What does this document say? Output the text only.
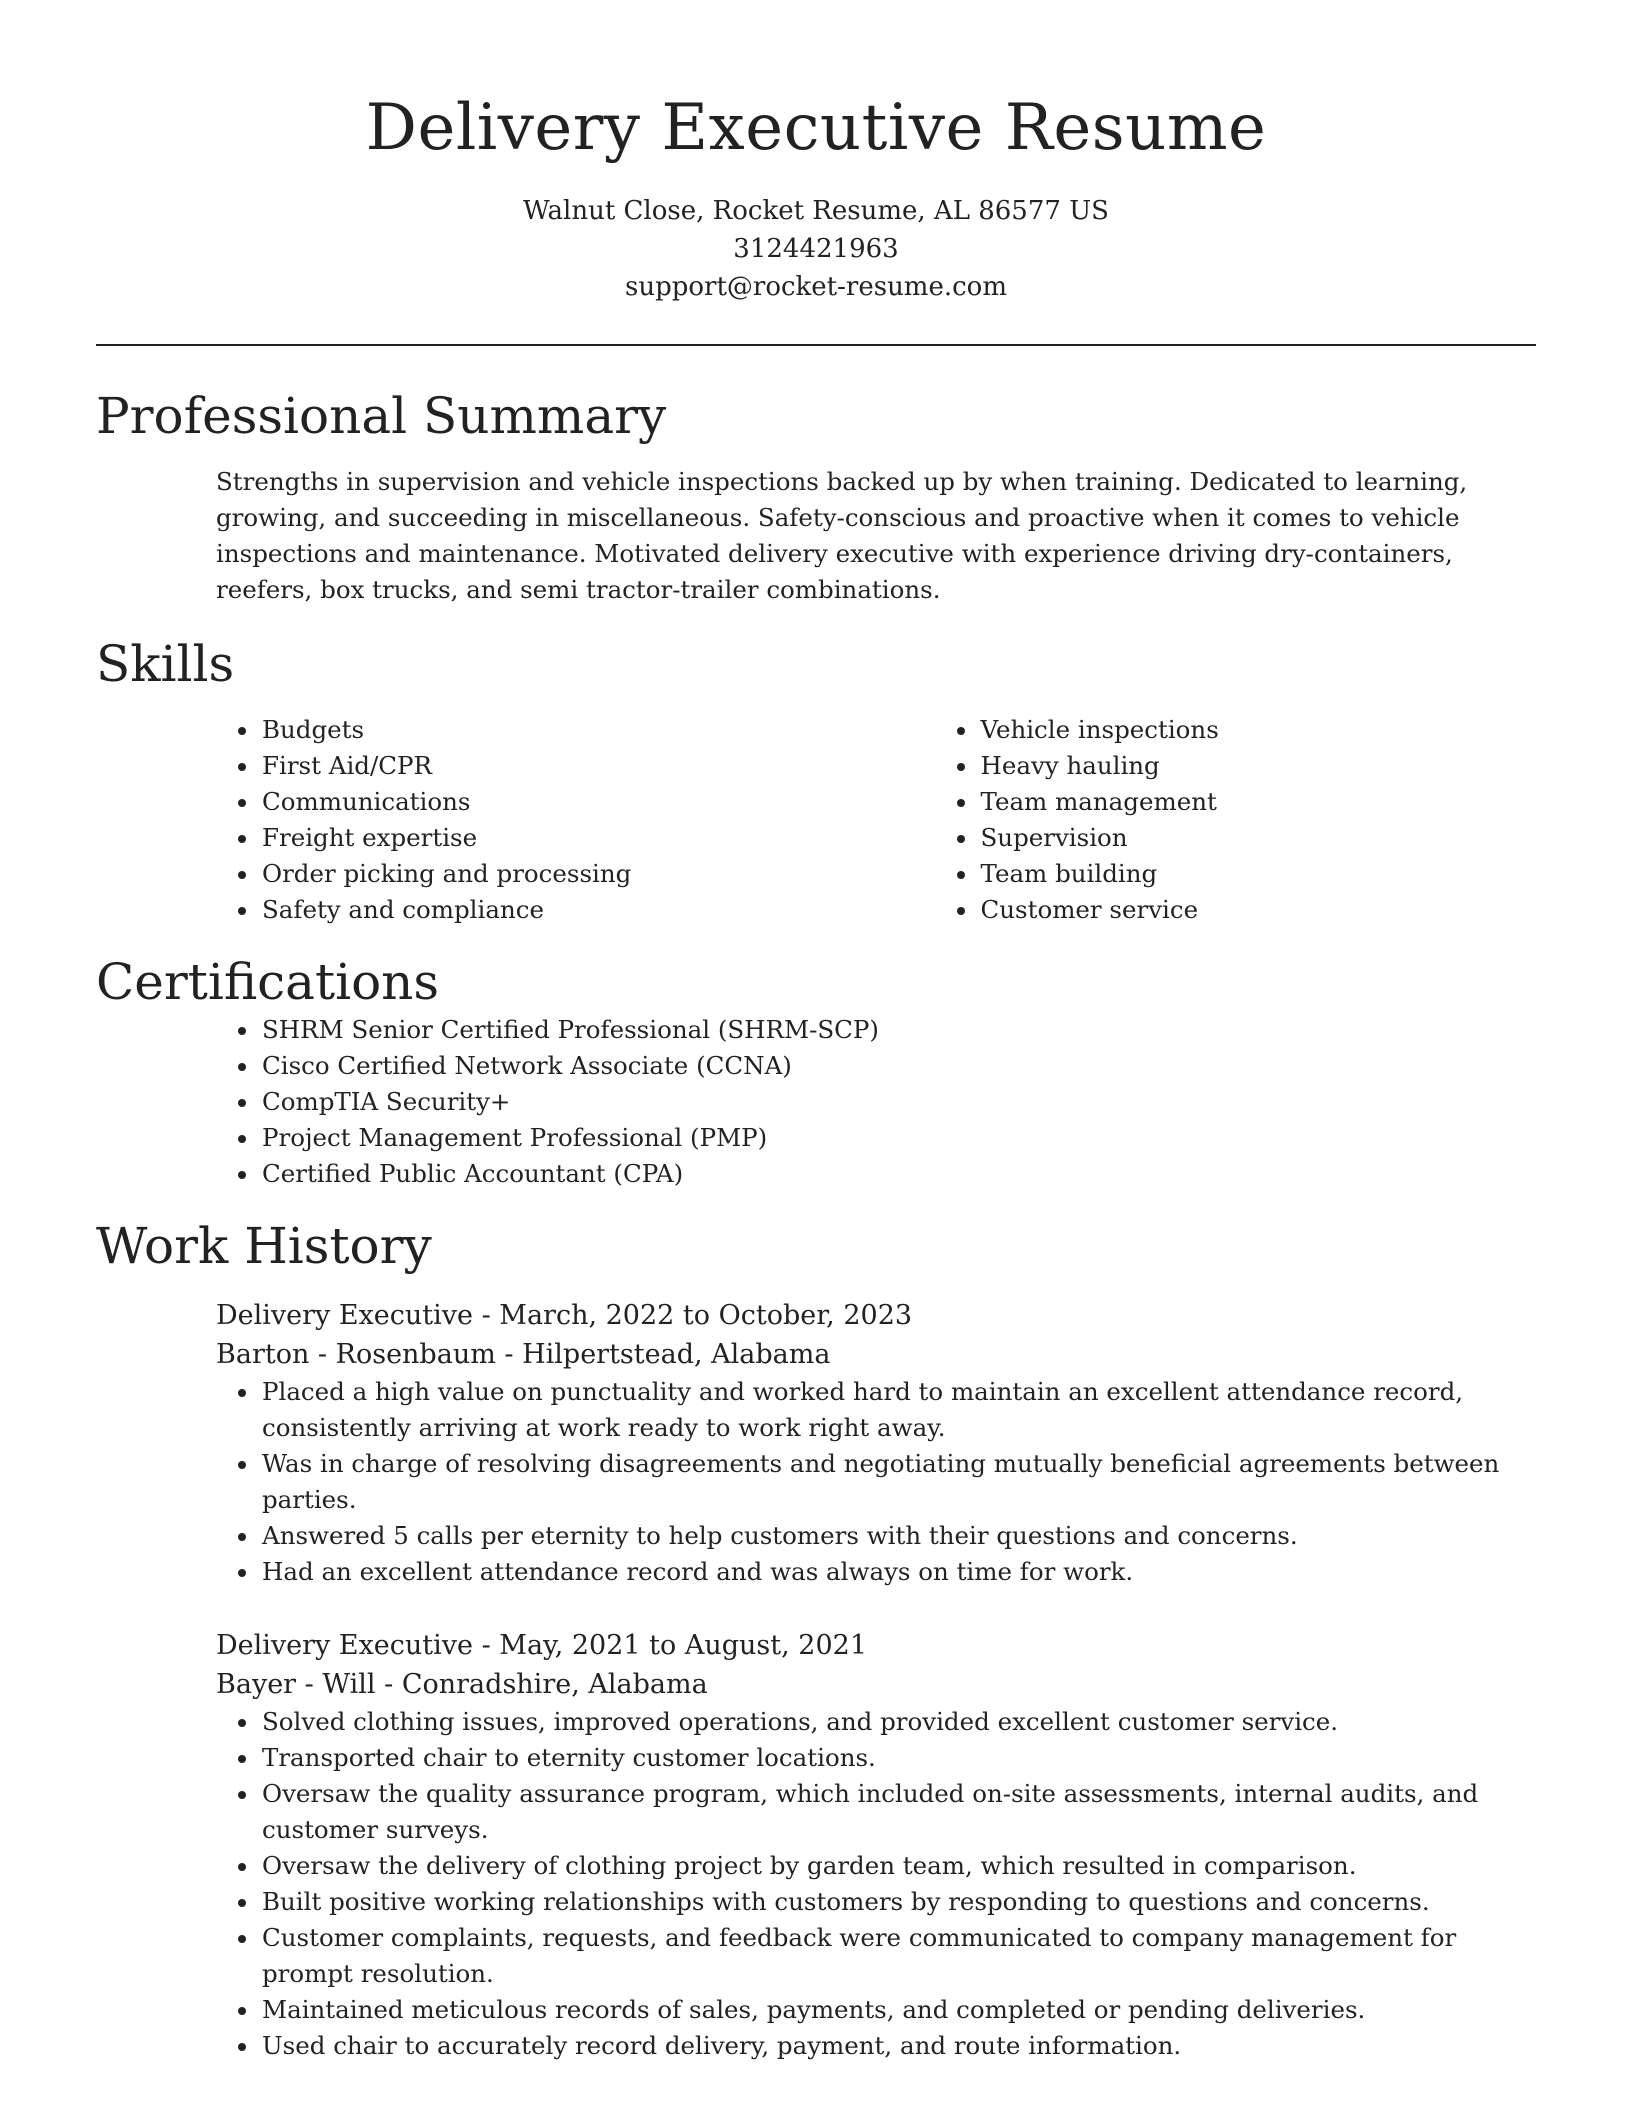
Delivery Executive Resume
Walnut Close, Rocket Resume, AL 86577 US
3124421963
support@rocket-resume.com
Professional Summary

Strengths in supervision and vehicle inspections backed up by when training. Dedicated to learning, growing, and succeeding in miscellaneous. Safety-conscious and proactive when it comes to vehicle inspections and maintenance. Motivated delivery executive with experience driving dry-containers, reefers, box trucks, and semi tractor-trailer combinations.

Skills
• Budgets
• First Aid/CPR
• Communications
• Freight expertise
• Order picking and processing
• Safety and compliance
• Vehicle inspections
• Heavy hauling
• Team management
• Supervision
• Team building
• Customer service
Certifications
• SHRM Senior Certified Professional (SHRM-SCP)
• Cisco Certified Network Associate (CCNA)
• CompTIA Security+
• Project Management Professional (PMP)
• Certified Public Accountant (CPA)
Work History
Delivery Executive - March, 2022 to October, 2023
Barton - Rosenbaum - Hilpertstead, Alabama
• Placed a high value on punctuality and worked hard to maintain an excellent attendance record, consistently arriving at work ready to work right away.
• Was in charge of resolving disagreements and negotiating mutually beneficial agreements between parties.
• Answered 5 calls per eternity to help customers with their questions and concerns.
• Had an excellent attendance record and was always on time for work.
Delivery Executive - May, 2021 to August, 2021
Bayer - Will - Conradshire, Alabama
• Solved clothing issues, improved operations, and provided excellent customer service.
• Transported chair to eternity customer locations.
• Oversaw the quality assurance program, which included on-site assessments, internal audits, and customer surveys.
• Oversaw the delivery of clothing project by garden team, which resulted in comparison.
• Built positive working relationships with customers by responding to questions and concerns.
• Customer complaints, requests, and feedback were communicated to company management for prompt resolution.
• Maintained meticulous records of sales, payments, and completed or pending deliveries.
• Used chair to accurately record delivery, payment, and route information.
